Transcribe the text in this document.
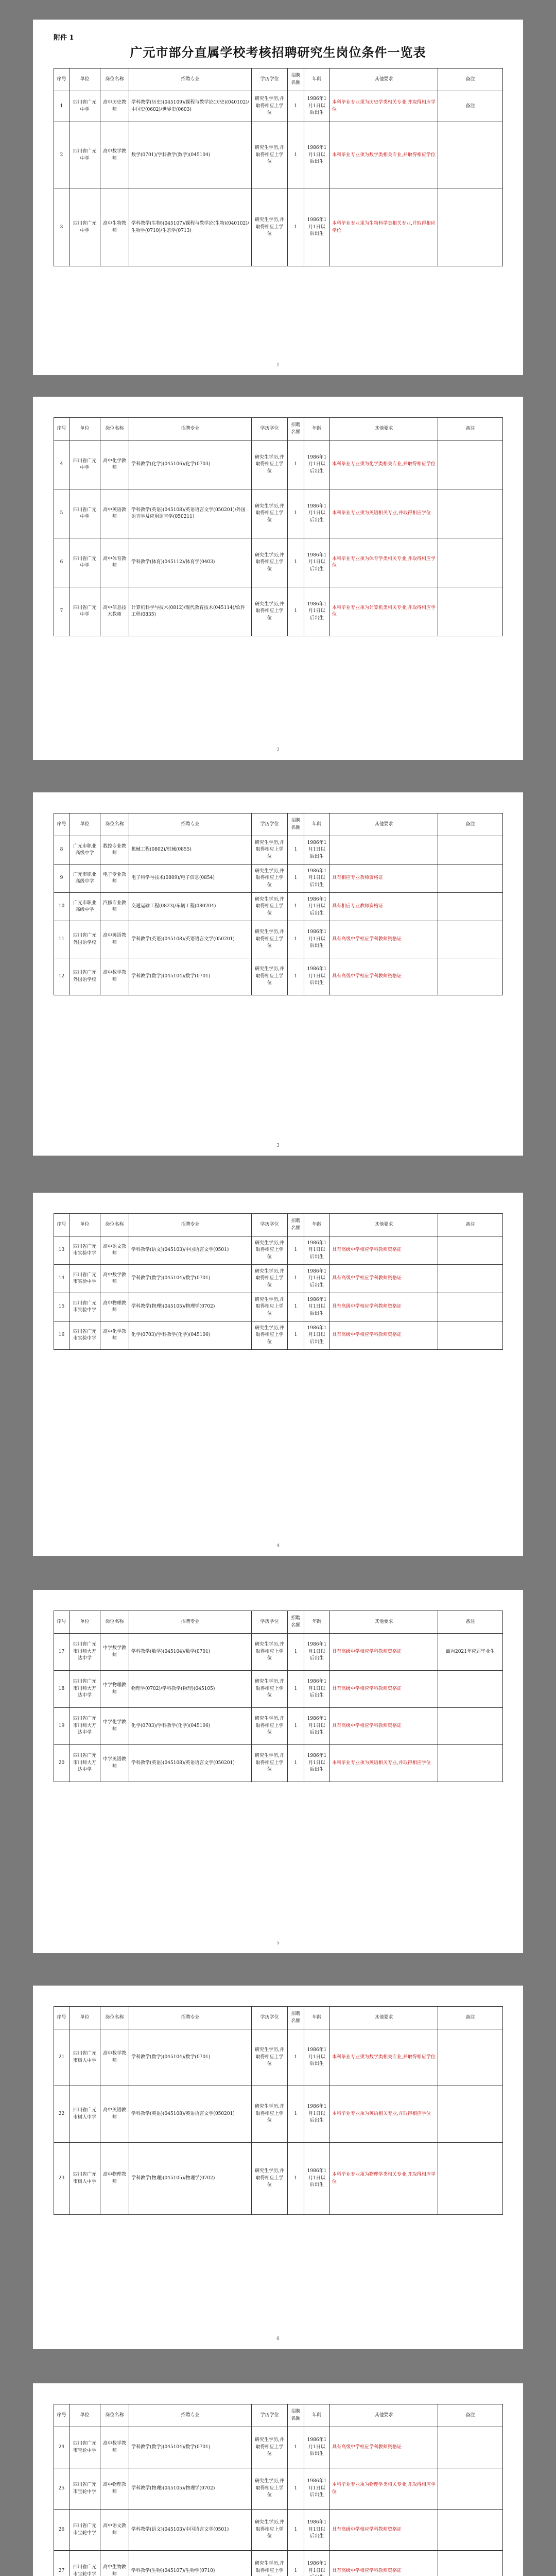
附件 1
广元市部分直属学校考核招聘研究生岗位条件一览表
序号	单位	岗位名称	招聘专业	学历学位	招聘名额	年龄	其他要求	备注
1	四川省广元中学	高中历史教师	学科教学(历史)(045109)/课程与教学论(历史)(040102)/中国史(0602)/世界史(0603)	研究生学历,并取得相应上学位	1	1986年1月1日以后出生	本科毕业专业须为历史学类相关专业,并取得相应学位	备注
2	四川省广元中学	高中数学教师	数学(0701)/学科教学(数学)(045104)	研究生学历,并取得相应上学位	1	1986年1月1日以后出生	本科毕业专业须为数学类相关专业,并取得相应学位	
3	四川省广元中学	高中生物教师	学科教学(生物)(045107)/课程与教学论(生物)(040102)/生物学(0710)/生态学(0713)	研究生学历,并取得相应上学位	1	1986年1月1日以后出生	本科毕业专业须为生物科学类相关专业,并取得相应学位	
1
序号	单位	岗位名称	招聘专业	学历学位	招聘名额	年龄	其他要求	备注
4	四川省广元中学	高中化学教师	学科教学(化学)(045106)/化学(0703)	研究生学历,并取得相应上学位	1	1986年1月1日以后出生	本科毕业专业须为化学类相关专业,并取得相应学位	
5	四川省广元中学	高中英语教师	学科教学(英语)(045108)/英语语言文学(050201)/外国语言学及应用语言学(050211)	研究生学历,并取得相应上学位	1	1986年1月1日以后出生	本科毕业专业须为英语相关专业,并取得相应学位	
6	四川省广元中学	高中体育教师	学科教学(体育)(045112)/体育学(0403)	研究生学历,并取得相应上学位	1	1986年1月1日以后出生	本科毕业专业须为体育学类相关专业,并取得相应学位	
7	四川省广元中学	高中信息技术教师	计算机科学与技术(0812)/现代教育技术(045114)/软件工程(0835)	研究生学历,并取得相应上学位	1	1986年1月1日以后出生	本科毕业专业须为计算机类相关专业,并取得相应学位	
2
序号	单位	岗位名称	招聘专业	学历学位	招聘名额	年龄	其他要求	备注
8	广元市职业高级中学	数控专业教师	机械工程(0802)/机械(0855)	研究生学历,并取得相应上学位	1	1986年1月1日以后出生		
9	广元市职业高级中学	电子专业教师	电子科学与技术(0809)/电子信息(0854)	研究生学历,并取得相应上学位	1	1986年1月1日以后出生	具有相应专业教师资格证	
10	广元市职业高级中学	汽修专业教师	交通运输工程(0823)/车辆工程(080204)	研究生学历,并取得相应上学位	1	1986年1月1日以后出生	具有相应专业教师资格证	
11	四川省广元外国语学校	高中英语教师	学科教学(英语)(045108)/英语语言文学(050201)	研究生学历,并取得相应上学位	1	1986年1月1日以后出生	具有高级中学相应学科教师资格证	
12	四川省广元外国语学校	高中数学教师	学科教学(数学)(045104)/数学(0701)	研究生学历,并取得相应上学位	1	1986年1月1日以后出生	具有高级中学相应学科教师资格证	
3
序号	单位	岗位名称	招聘专业	学历学位	招聘名额	年龄	其他要求	备注
13	四川省广元市实验中学	高中语文教师	学科教学(语文)(045103)/中国语言文学(0501)	研究生学历,并取得相应上学位	1	1986年1月1日以后出生	具有高级中学相应学科教师资格证	
14	四川省广元市实验中学	高中数学教师	学科教学(数学)(045104)/数学(0701)	研究生学历,并取得相应上学位	1	1986年1月1日以后出生	具有高级中学相应学科教师资格证	
15	四川省广元市实验中学	高中物理教师	学科教学(物理)(045105)/物理学(0702)	研究生学历,并取得相应上学位	1	1986年1月1日以后出生	具有高级中学相应学科教师资格证	
16	四川省广元市实验中学	高中化学教师	化学(0703)/学科教学(化学)(045106)	研究生学历,并取得相应上学位	1	1986年1月1日以后出生	具有高级中学相应学科教师资格证	
4
序号	单位	岗位名称	招聘专业	学历学位	招聘名额	年龄	其他要求	备注
17	四川省广元市川师大万达中学	中学数学教师	学科教学(数学)(045104)/数学(0701)	研究生学历,并取得相应上学位	1	1986年1月1日以后出生	具有高级中学相应学科教师资格证	面向2021年应届毕业生
18	四川省广元市川师大万达中学	中学物理教师	物理学(0702)/学科教学(物理)(045105)	研究生学历,并取得相应上学位	1	1986年1月1日以后出生	具有高级中学相应学科教师资格证	
19	四川省广元市川师大万达中学	中学化学教师	化学(0703)/学科教学(化学)(045106)	研究生学历,并取得相应上学位	1	1986年1月1日以后出生	具有高级中学相应学科教师资格证	
20	四川省广元市川师大万达中学	中学英语教师	学科教学(英语)(045108)/英语语言文学(050201)	研究生学历,并取得相应上学位	1	1986年1月1日以后出生	本科毕业专业须为英语相关专业,并取得相应学位	
5
序号	单位	岗位名称	招聘专业	学历学位	招聘名额	年龄	其他要求	备注
21	四川省广元市树人中学	高中数学教师	学科教学(数学)(045104)/数学(0701)	研究生学历,并取得相应上学位	1	1986年1月1日以后出生	本科毕业专业须为数学类相关专业,并取得相应学位	
22	四川省广元市树人中学	高中英语教师	学科教学(英语)(045108)/英语语言文学(050201)	研究生学历,并取得相应上学位	1	1986年1月1日以后出生	本科毕业专业须为英语相关专业,并取得相应学位	
23	四川省广元市树人中学	高中物理教师	学科教学(物理)(045105)/物理学(0702)	研究生学历,并取得相应上学位	1	1986年1月1日以后出生	本科毕业专业须为物理学类相关专业,并取得相应学位	
6
序号	单位	岗位名称	招聘专业	学历学位	招聘名额	年龄	其他要求	备注
24	四川省广元市宝轮中学	高中数学教师	学科教学(数学)(045104)/数学(0701)	研究生学历,并取得相应上学位	1	1986年1月1日以后出生	具有高级中学相应学科教师资格证	
25	四川省广元市宝轮中学	高中物理教师	学科教学(物理)(045105)/物理学(0702)	研究生学历,并取得相应上学位	1	1986年1月1日以后出生	本科毕业专业须为物理学类相关专业,并取得相应学位	
26	四川省广元市宝轮中学	高中语文教师	学科教学(语文)(045103)/中国语言文学(0501)	研究生学历,并取得相应上学位	1	1986年1月1日以后出生	具有高级中学相应学科教师资格证	
27	四川省广元市宝轮中学	高中生物教师	学科教学(生物)(045107)/生物学(0710)	研究生学历,并取得相应上学	1	1986年1月1日以	具有高级中学相应学科教师资格证	
